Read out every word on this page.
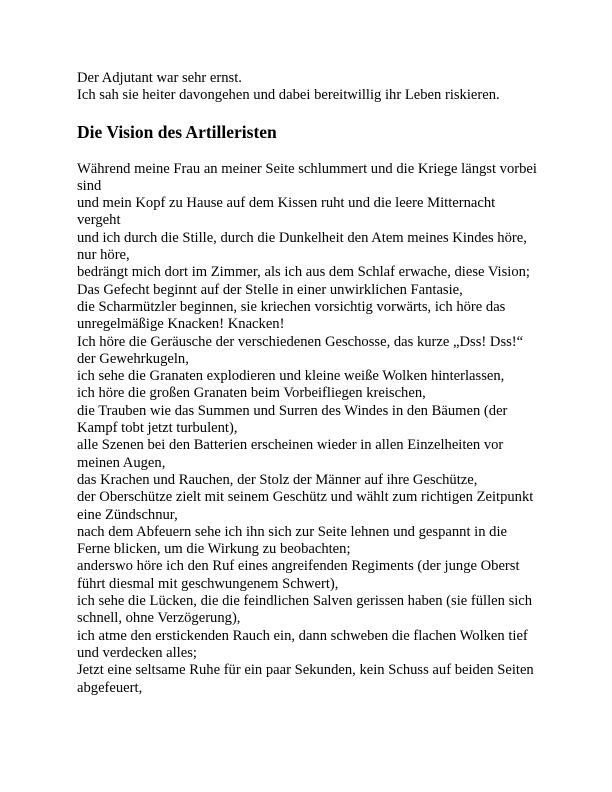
Der Adjutant war sehr ernst.

Ich sah sie heiter davongehen und dabei bereitwillig ihr Leben riskieren.

Die Vision des Artilleristen

Während meine Frau an meiner Seite schlummert und die Kriege längst vorbei sind

und mein Kopf zu Hause auf dem Kissen ruht und die leere Mitternacht vergeht

und ich durch die Stille, durch die Dunkelheit den Atem meines Kindes höre, nur höre,

bedrängt mich dort im Zimmer, als ich aus dem Schlaf erwache, diese Vision;

Das Gefecht beginnt auf der Stelle in einer unwirklichen Fantasie,

die Scharmützler beginnen, sie kriechen vorsichtig vorwärts, ich höre das unregelmäßige Knacken! Knacken!

Ich höre die Geräusche der verschiedenen Geschosse, das kurze „Dss! Dss!“ der Gewehrkugeln,

ich sehe die Granaten explodieren und kleine weiße Wolken hinterlassen,

ich höre die großen Granaten beim Vorbeifliegen kreischen,

die Trauben wie das Summen und Surren des Windes in den Bäumen (der Kampf tobt jetzt turbulent),

alle Szenen bei den Batterien erscheinen wieder in allen Einzelheiten vor meinen Augen,

das Krachen und Rauchen, der Stolz der Männer auf ihre Geschütze,

der Oberschütze zielt mit seinem Geschütz und wählt zum richtigen Zeitpunkt eine Zündschnur,

nach dem Abfeuern sehe ich ihn sich zur Seite lehnen und gespannt in die Ferne blicken, um die Wirkung zu beobachten;

anderswo höre ich den Ruf eines angreifenden Regiments (der junge Oberst führt diesmal mit geschwungenem Schwert),

ich sehe die Lücken, die die feindlichen Salven gerissen haben (sie füllen sich schnell, ohne Verzögerung),

ich atme den erstickenden Rauch ein, dann schweben die flachen Wolken tief und verdecken alles;

Jetzt eine seltsame Ruhe für ein paar Sekunden, kein Schuss auf beiden Seiten abgefeuert,
